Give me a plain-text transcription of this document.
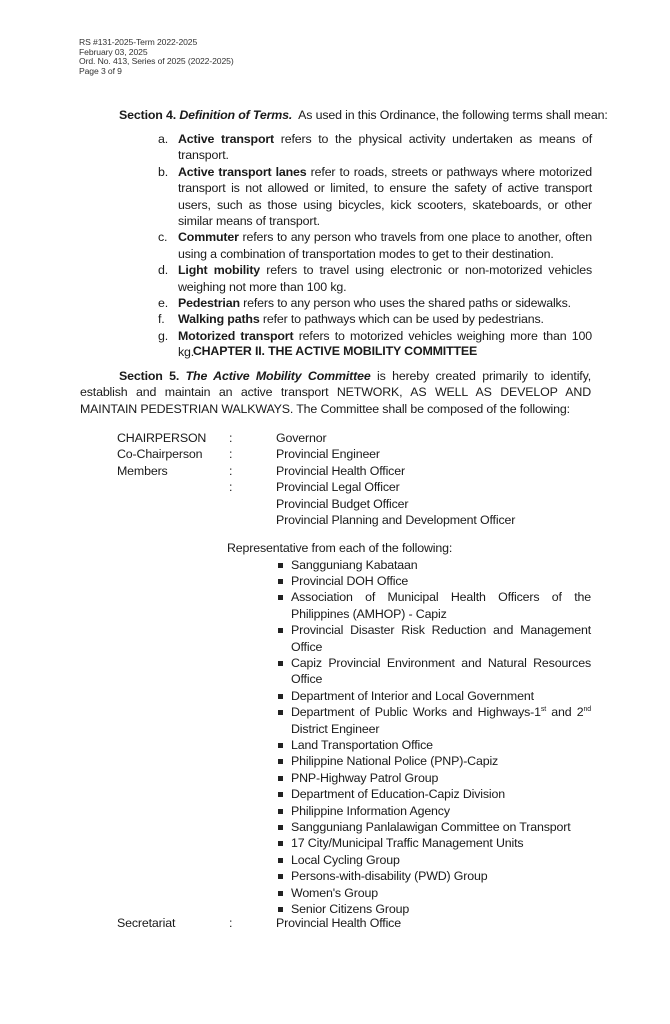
RS #131-2025-Term 2022-2025
February 03, 2025
Ord. No. 413, Series of 2025 (2022-2025)
Page 3 of 9
Section 4. Definition of Terms. As used in this Ordinance, the following terms shall mean:
a. Active transport refers to the physical activity undertaken as means of transport.
b. Active transport lanes refer to roads, streets or pathways where motorized transport is not allowed or limited, to ensure the safety of active transport users, such as those using bicycles, kick scooters, skateboards, or other similar means of transport.
c. Commuter refers to any person who travels from one place to another, often using a combination of transportation modes to get to their destination.
d. Light mobility refers to travel using electronic or non-motorized vehicles weighing not more than 100 kg.
e. Pedestrian refers to any person who uses the shared paths or sidewalks.
f.	Walking paths refer to pathways which can be used by pedestrians.
g. Motorized transport refers to motorized vehicles weighing more than 100 kg.
CHAPTER II. THE ACTIVE MOBILITY COMMITTEE
Section 5. The Active Mobility Committee is hereby created primarily to identify, establish and maintain an active transport NETWORK, AS WELL AS DEVELOP AND MAINTAIN PEDESTRIAN WALKWAYS. The Committee shall be composed of the following:
CHAIRPERSON	:	Governor
Co-Chairperson	:	Provincial Engineer
Members	:	Provincial Health Officer
:	Provincial Legal Officer
Provincial Budget Officer
Provincial Planning and Development Officer
Representative from each of the following:
Sangguniang Kabataan
Provincial DOH Office
Association of Municipal Health Officers of the Philippines (AMHOP) - Capiz
Provincial Disaster Risk Reduction and Management Office
Capiz Provincial Environment and Natural Resources Office
Department of Interior and Local Government
Department of Public Works and Highways-1st and 2nd District Engineer
Land Transportation Office
Philippine National Police (PNP)-Capiz
PNP-Highway Patrol Group
Department of Education-Capiz Division
Philippine Information Agency
Sangguniang Panlalawigan Committee on Transport
17 City/Municipal Traffic Management Units
Local Cycling Group
Persons-with-disability (PWD) Group
Women's Group
Senior Citizens Group
Secretariat	:	Provincial Health Office
